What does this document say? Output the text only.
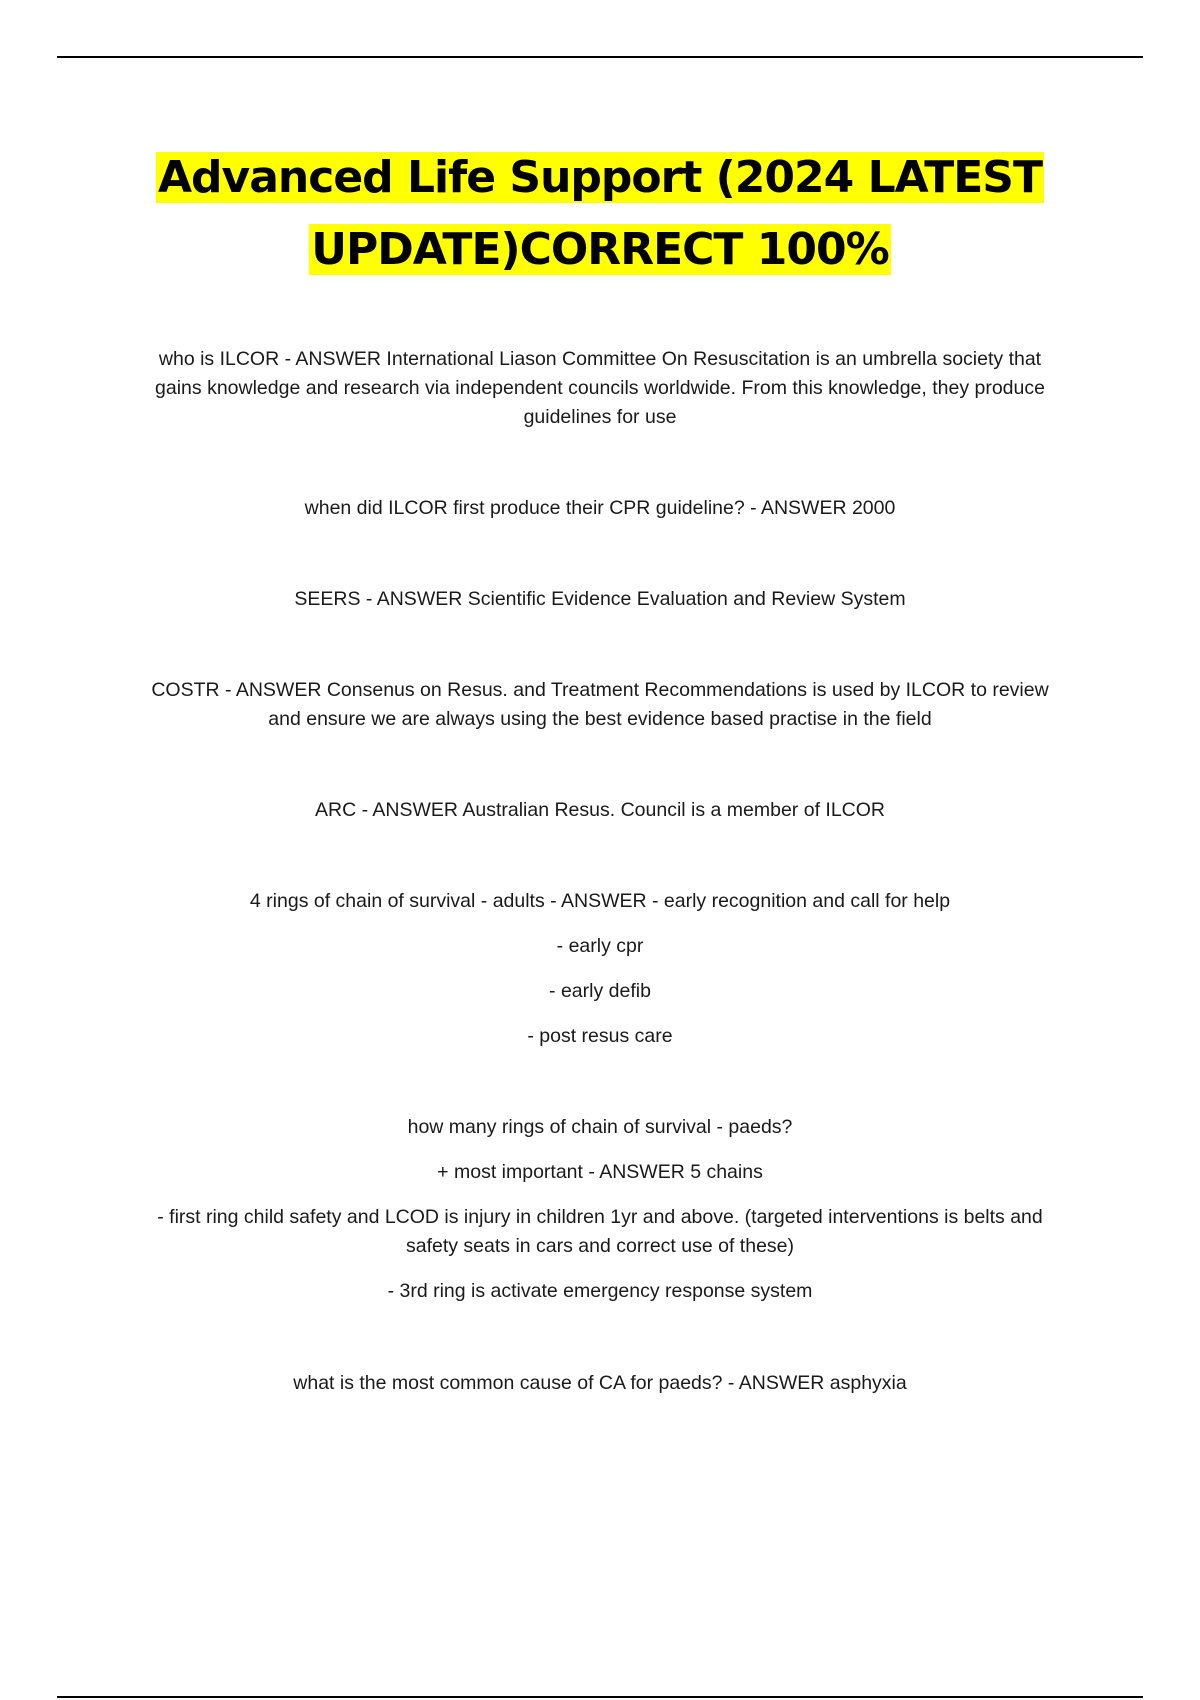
Advanced Life Support (2024 LATEST UPDATE)CORRECT 100%

who is ILCOR - ANSWER International Liason Committee On Resuscitation is an umbrella society that gains knowledge and research via independent councils worldwide. From this knowledge, they produce guidelines for use

when did ILCOR first produce their CPR guideline? - ANSWER 2000

SEERS - ANSWER Scientific Evidence Evaluation and Review System

COSTR - ANSWER Consenus on Resus. and Treatment Recommendations is used by ILCOR to review and ensure we are always using the best evidence based practise in the field

ARC - ANSWER Australian Resus. Council is a member of ILCOR

4 rings of chain of survival - adults - ANSWER - early recognition and call for help
- early cpr
- early defib
- post resus care
how many rings of chain of survival - paeds?
+ most important - ANSWER 5 chains
- first ring child safety and LCOD is injury in children 1yr and above. (targeted interventions is belts and safety seats in cars and correct use of these)
- 3rd ring is activate emergency response system

what is the most common cause of CA for paeds? - ANSWER asphyxia
